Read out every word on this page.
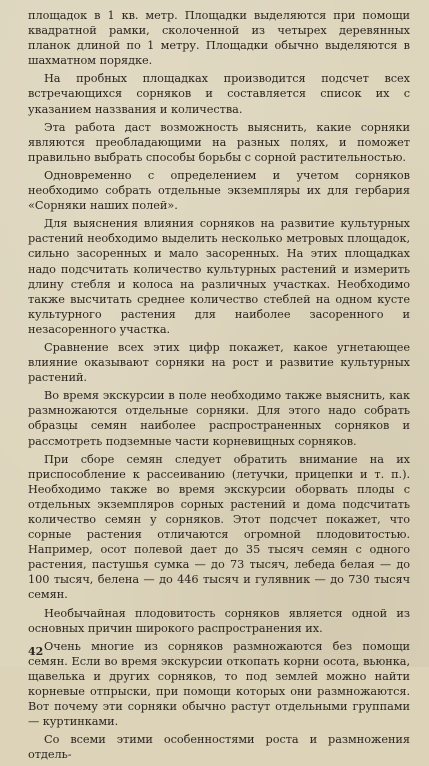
площадок в 1 кв. метр. Площадки выделяются при помощи квадратной рамки, сколоченной из четырех деревянных планок длиной по 1 метру. Площадки обычно выделяются в шахматном порядке.

На пробных площадках производится подсчет всех встречающихся сорняков и составляется список их с указанием наззвания и количества.

Эта работа даст возможность выяснить, какие сорняки являются преобладающими на разных полях, и поможет правильно выбрать способы борьбы с сорной растительностью.

Одновременно с определением и учетом сорняков необходимо собрать отдельные экземпляры их для гербария «Сорняки наших полей».

Для выяснения влияния сорняков на развитие культурных растений необходимо выделить несколько метровых площадок, сильно засоренных и мало засоренных. На этих площадках надо подсчитать количество культурных растений и измерить длину стебля и колоса на различных участках. Необходимо также высчитать среднее количество стеблей на одном кусте культурного растения для наиболее засоренного и незасоренного участка.

Сравнение всех этих цифр покажет, какое угнетающее влияние оказывают сорняки на рост и развитие культурных растений.

Во время экскурсии в поле необходимо также выяснить, как размножаются отдельные сорняки. Для этого надо собрать образцы семян наиболее распространенных сорняков и рассмотреть подземные части корневищных сорняков.

При сборе семян следует обратить внимание на их приспособление к рассеиванию (летучки, прицепки и т. п.). Необходимо также во время экскурсии оборвать плоды с отдельных экземпляров сорных растений и дома подсчитать количество семян у сорняков. Этот подсчет покажет, что сорные растения отличаются огромной плодовитостью. Например, осот полевой дает до 35 тысяч семян с одного растения, пастушья сумка — до 73 тысяч, лебеда белая — до 100 тысяч, белена — до 446 тысяч и гулявник — до 730 тысяч семян.

Необычайная плодовитость сорняков является одной из основных причин широкого распространения их.

Очень многие из сорняков размножаются без помощи семян. Если во время экскурсии откопать корни осота, вьюнка, щавелька и других сорняков, то под землей можно найти корневые отпрыски, при помощи которых они размножаются. Вот почему эти сорняки обычно растут отдельными группами — куртинками.

Со всеми этими особенностями роста и размножения отдель-

42
